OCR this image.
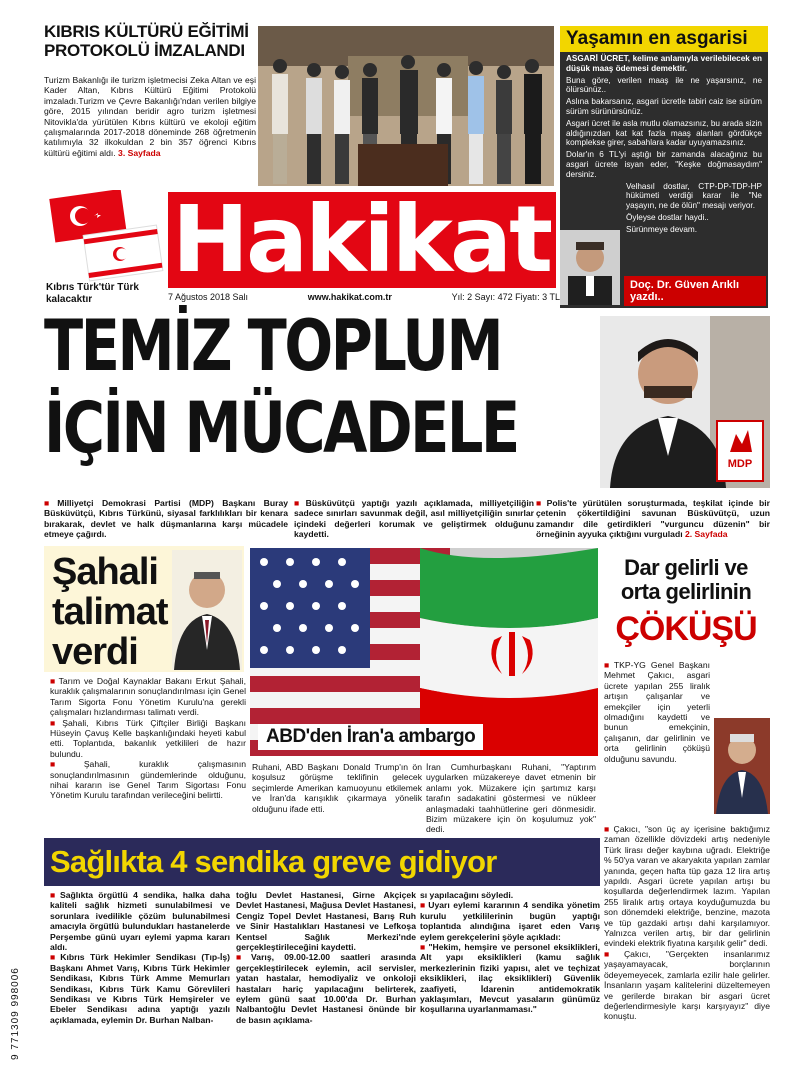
KIBRIS KÜLTÜRÜ EĞİTİMİ PROTOKOLÜ İMZALANDI

Turizm Bakanlığı ile turizm işletmecisi Zeka Altan ve eşi Kader Altan, Kıbrıs Kültürü Eğitimi Protokolü imzaladı.Turizm ve Çevre Bakanlığı'ndan verilen bilgiye göre, 2015 yılından beridir agro turizm işletmesi Nitovikla'da yürütülen Kıbrıs kültürü ve ekoloji eğitim çalışmalarında 2017-2018 döneminde 268 öğretmenin katılımıyla 32 ilkokuldan 2 bin 357 öğrenci Kıbrıs kültürü eğitimi aldı. 3. Sayfada

Yaşamın en asgarisi

ASGARİ ÜCRET, kelime anlamıyla verilebilecek en düşük maaş ödemesi demektir.

Buna göre, verilen maaş ile ne yaşarsınız, ne ölürsünüz..

Aslına bakarsanız, asgari ücretle tabiri caiz ise sürüm sürüm sürünürsünüz.

Asgari ücret ile asla mutlu olamazsınız, bu arada sizin aldığınızdan kat kat fazla maaş alanları gördükçe komplekse girer, sabahlara kadar uyuyamazsınız.

Dolar'ın 6 TL'yi aştığı bir zamanda alacağınız bu asgari ücrete isyan eder, "Keşke doğmasaydım" dersiniz.

Velhasıl dostlar, CTP-DP-TDP-HP hükümeti verdiği karar ile "Ne yaşayın, ne de ölün" mesajı veriyor.

Öyleyse dostlar haydi..

Sürünmeye devam.

Doç. Dr. Güven Arıklı yazdı..
Kıbrıs Türk'tür Türk kalacaktır
Hakikat
7 Ağustos 2018 Salı	www.hakikat.com.tr	Yıl: 2 Sayı: 472 Fiyatı: 3 TL
TEMİZ TOPLUM
İÇİN MÜCADELE	MDP

■ Milliyetçi Demokrasi Partisi (MDP) Başkanı Buray Büsküvütçü, Kıbrıs Türkünü, siyasal farklılıkları bir kenara bırakarak, devlet ve halk düşmanlarına karşı mücadele etmeye çağırdı.

■ Büsküvütçü yaptığı yazılı açıklamada, milliyetçiliğin sadece sınırları savunmak değil, asıl milliyetçiliğin sınırlar içindeki değerleri korumak ve geliştirmek olduğunu kaydetti.

■ Polis'te yürütülen soruşturmada, teşkilat içinde bir çetenin çökertildiğini savunan Büsküvütçü, uzun zamandır dile getirdikleri "vurguncu düzenin" bir örneğinin ayyuka çıktığını vurguladı 2. Sayfada

Şahali talimat verdi

■ Tarım ve Doğal Kaynaklar Bakanı Erkut Şahali, kuraklık çalışmalarının sonuçlandırılması için Genel Tarım Sigorta Fonu Yönetim Kurulu'na gerekli çalışmaları hızlandırması talimatı verdi.

■ Şahali, Kıbrıs Türk Çiftçiler Birliği Başkanı Hüseyin Çavuş Kelle başkanlığındaki heyeti kabul etti. Toplantıda, bakanlık yetkilileri de hazır bulundu.

■ Şahali, kuraklık çalışmasının sonuçlandırılmasının gündemlerinde olduğunu, nihai kararın ise Genel Tarım Sigortası Fonu Yönetim Kurulu tarafından verileceğini belirtti.

ABD'den İran'a ambargo

Ruhani, ABD Başkanı Donald Trump'ın ön koşulsuz görüşme teklifinin gelecek seçimlerde Amerikan kamuoyunu etkilemek ve İran'da karışıklık çıkarmaya yönelik olduğunu ifade etti.

İran Cumhurbaşkanı Ruhani, "Yaptırım uygularken müzakereye davet etmenin bir anlamı yok. Müzakere için şartımız karşı tarafın sadakatini göstermesi ve nükleer anlaşmadaki taahhütlerine geri dönmesidir. Bizim müzakere için ön koşulumuz yok" dedi.

Dar gelirli ve orta gelirlinin
ÇÖKÜŞÜ

■ TKP-YG Genel Başkanı Mehmet Çakıcı, asgari ücrete yapılan 255 liralık artışın çalışanlar ve emekçiler için yeterli olmadığını kaydetti ve bunun emekçinin, çalışanın, dar gelirlinin ve orta gelirlinin çöküşü olduğunu savundu.

■ Çakıcı, "son üç ay içerisine baktığımız zaman özellikle dövizdeki artış nedeniyle Türk lirası değer kaybına uğradı. Elektriğe % 50'ya varan ve akaryakıta yapılan zamlar yanında, geçen hafta tüp gaza 12 lira artış yapıldı. Asgari ücrete yapılan artışı bu koşullarda değerlendirmek lazım. Yapılan 255 liralık artış ortaya koyduğumuzda bu son dönemdeki elektriğe, benzine, mazota ve tüp gazdaki artışı dahi karşılamıyor. Yalnızca verilen artış, bir dar gelirlinin evindeki elektrik fiyatına karşılık gelir" dedi.

■ Çakıcı, "Gerçekten insanlarımız yaşayamayacak, borçlarının ödeyemeyecek, zamlarla ezilir hale gelirler. İnsanların yaşam kalitelerini düzeltemeyen ve gerilerde bırakan bir asgari ücret değerlendirmesiyle karşı karşıyayız" diye konuştu.

Sağlıkta 4 sendika greve gidiyor

■ Sağlıkta örgütlü 4 sendika, halka daha kaliteli sağlık hizmeti sunulabilmesi ve sorunlara ivedilikle çözüm bulunabilmesi amacıyla örgütlü bulundukları hastanelerde Perşembe günü uyarı eylemi yapma kararı aldı.

■ Kıbrıs Türk Hekimler Sendikası (Tıp-İş) Başkanı Ahmet Varış, Kıbrıs Türk Hekimler Sendikası, Kıbrıs Türk Amme Memurları Sendikası, Kıbrıs Türk Kamu Görevlileri Sendikası ve Kıbrıs Türk Hemşireler ve Ebeler Sendikası adına yaptığı yazılı açıklamada, eylemin Dr. Burhan Nalban-

toğlu Devlet Hastanesi, Girne Akçiçek Devlet Hastanesi, Mağusa Devlet Hastanesi, Cengiz Topel Devlet Hastanesi, Barış Ruh ve Sinir Hastalıkları Hastanesi ve Lefkoşa Kentsel Sağlık Merkezi'nde gerçekleştirileceğini kaydetti.

■ Varış, 09.00-12.00 saatleri arasında gerçekleştirilecek eylemin, acil servisler, yatan hastalar, hemodiyaliz ve onkoloji hastaları hariç yapılacağını belirterek, eylem günü saat 10.00'da Dr. Burhan Nalbantoğlu Devlet Hastanesi önünde bir de basın açıklama-

sı yapılacağını söyledi.

■ Uyarı eylemi kararının 4 sendika yönetim kurulu yetkililerinin bugün yaptığı toplantıda alındığına işaret eden Varış eylem gerekçelerini şöyle açıkladı:

■ "Hekim, hemşire ve personel eksiklikleri, Alt yapı eksiklikleri (kamu sağlık merkezlerinin fiziki yapısı, alet ve teçhizat eksiklikleri, ilaç eksiklikleri) Güvenlik zaafiyeti, İdarenin antidemokratik yaklaşımları, Mevcut yasaların günümüz koşullarına uyarlanmaması."

9 771309 998006
